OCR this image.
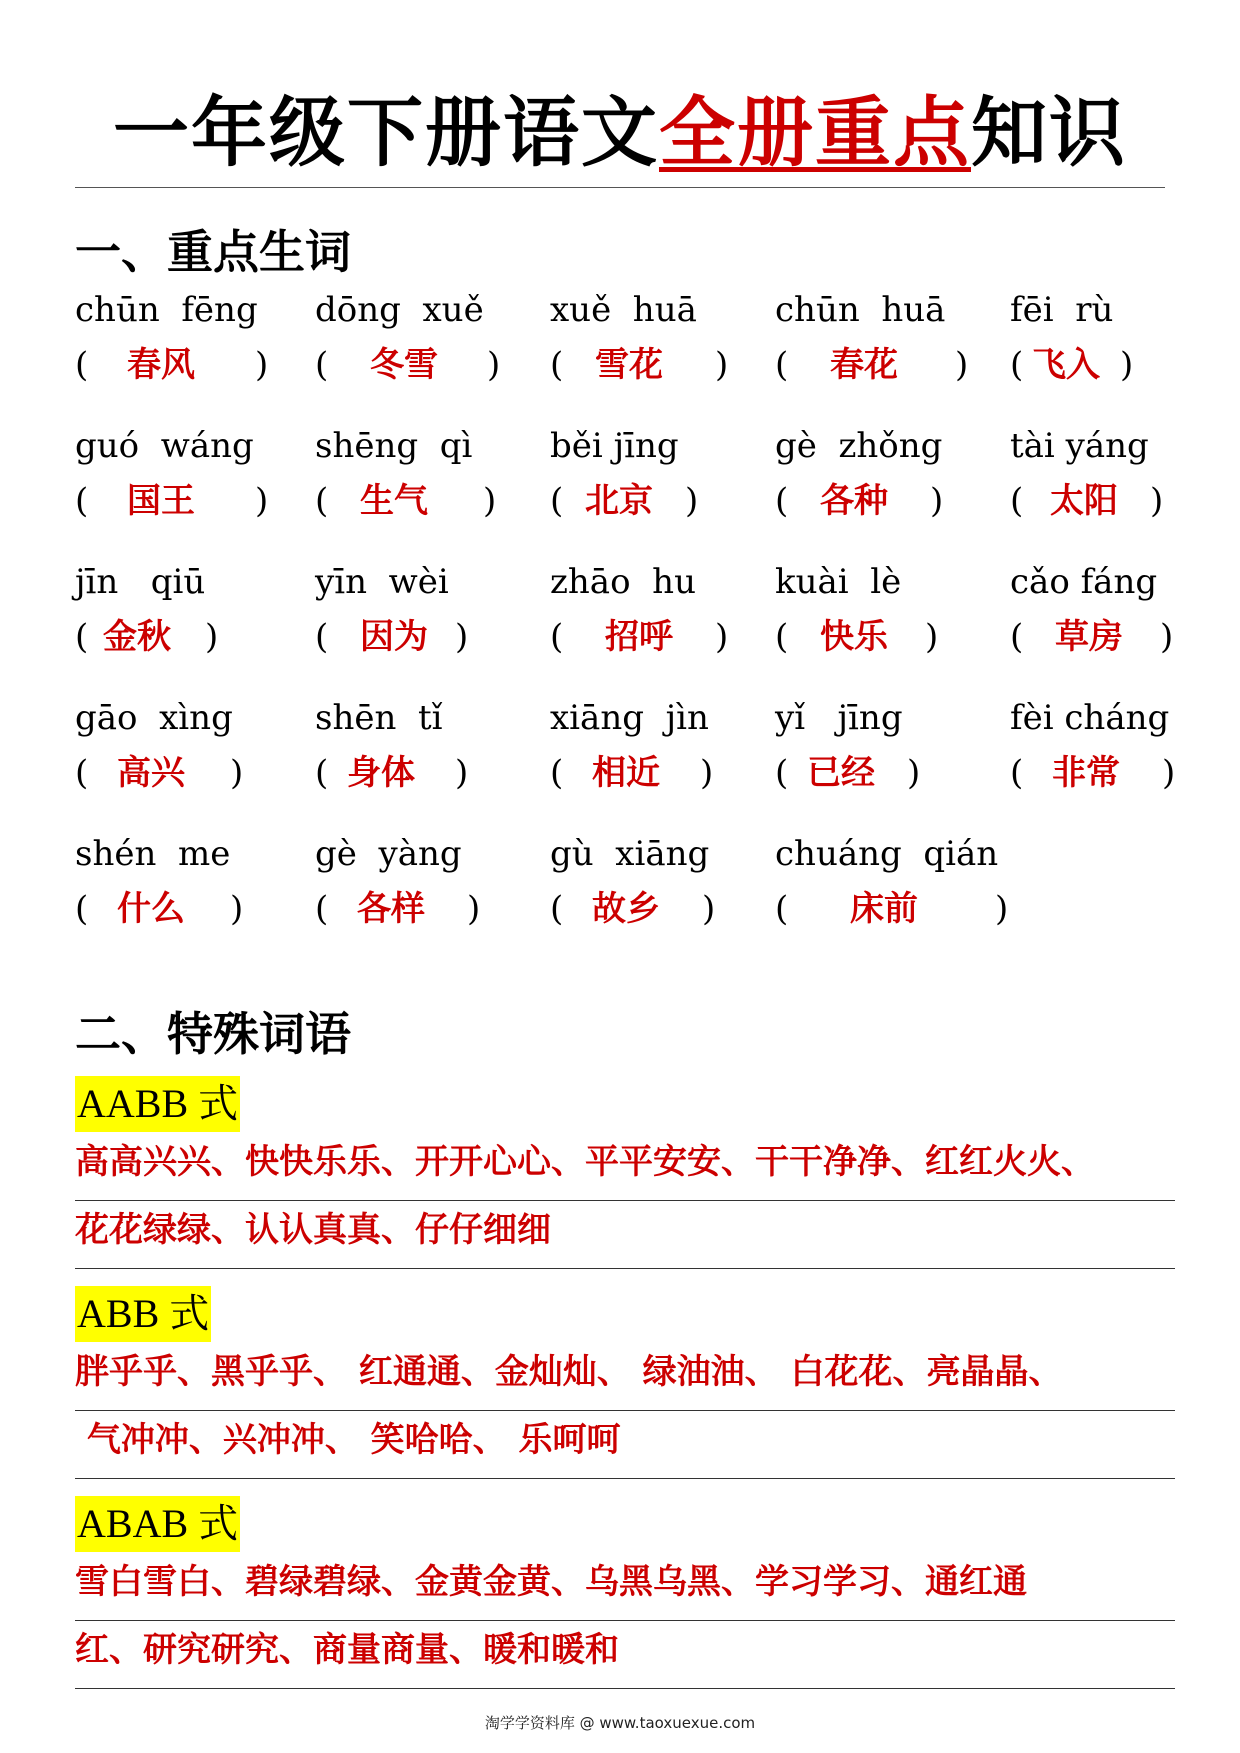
一年级下册语文全册重点知识
一、重点生词
chūn  fēng
( 春风 )
dōng  xuě
( 冬雪 )
xuě  huā
( 雪花 )
chūn  huā
( 春花 )
fēi  rù
( 飞入 )
guó  wáng
( 国王 )
shēng  qì
( 生气 )
běi jīng
( 北京 )
gè  zhǒng
( 各种 )
tài yáng
( 太阳 )
jīn   qiū
( 金秋 )
yīn  wèi
( 因为 )
zhāo  hu
( 招呼 )
kuài  lè
( 快乐 )
cǎo fáng
( 草房 )
gāo  xìng
( 高兴 )
shēn  tǐ
( 身体 )
xiāng  jìn
( 相近 )
yǐ   jīng
( 已经 )
fèi cháng
( 非常 )
shén  me
( 什么 )
gè  yàng
( 各样 )
gù  xiāng
( 故乡 )
chuáng  qián
( 床前 )
二、特殊词语
AABB 式
高高兴兴、快快乐乐、开开心心、平平安安、干干净净、红红火火、
花花绿绿、认认真真、仔仔细细
ABB 式
胖乎乎、黑乎乎、 红通通、金灿灿、 绿油油、 白花花、亮晶晶、
气冲冲、兴冲冲、 笑哈哈、 乐呵呵
ABAB 式
雪白雪白、碧绿碧绿、金黄金黄、乌黑乌黑、学习学习、通红通
红、研究研究、商量商量、暖和暖和
淘学学资料库 @ www.taoxuexue.com
